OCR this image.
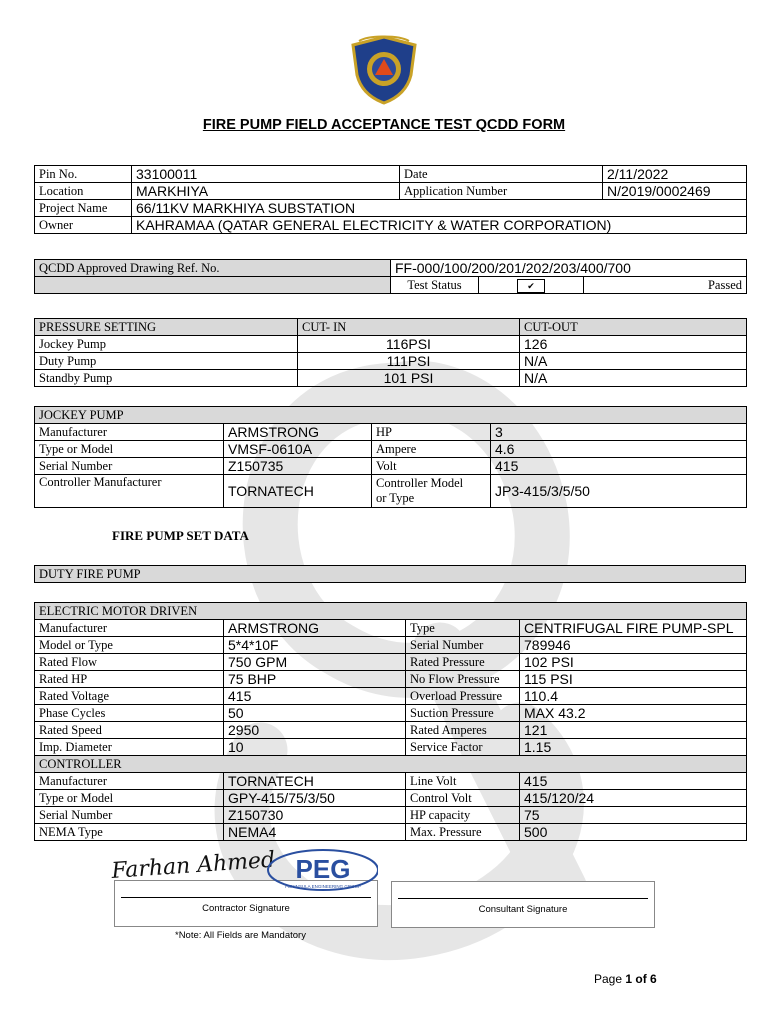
FIRE PUMP FIELD ACCEPTANCE TEST QCDD FORM
Pin No.	33100011	Date	2/11/2022
Location	MARKHIYA	Application Number	N/2019/0002469
Project Name	66/11KV MARKHIYA SUBSTATION		
Owner	KAHRAMAA (QATAR GENERAL ELECTRICITY & WATER CORPORATION)		
QCDD Approved Drawing Ref. No.	FF-000/100/200/201/202/203/400/700		
	Test Status	✔	Passed
PRESSURE SETTING	CUT- IN	CUT-OUT
Jockey Pump	116PSI	126
Duty Pump	111PSI	N/A
Standby Pump	101 PSI	N/A
JOCKEY PUMP			
Manufacturer	ARMSTRONG	HP	3
Type or Model	VMSF-0610A	Ampere	4.6
Serial Number	Z150735	Volt	415
Controller Manufacturer	TORNATECH	Controller Model
or Type	JP3-415/3/5/50
FIRE PUMP SET DATA
DUTY FIRE PUMP
ELECTRIC MOTOR DRIVEN			
Manufacturer	ARMSTRONG	Type	CENTRIFUGAL FIRE PUMP-SPL
Model or Type	5*4*10F	Serial Number	789946
Rated Flow	750 GPM	Rated Pressure	102 PSI
Rated HP	75 BHP	No Flow Pressure	115 PSI
Rated Voltage	415	Overload Pressure	110.4
Phase Cycles	50	Suction Pressure	MAX 43.2
Rated Speed	2950	Rated Amperes	121
Imp. Diameter	10	Service Factor	1.15
CONTROLLER			
Manufacturer	TORNATECH	Line Volt	415
Type or Model	GPY-415/75/3/50	Control Volt	415/120/24
Serial Number	Z150730	HP capacity	75
NEMA Type	NEMA4	Max. Pressure	500
Contractor Signature
Farhan Ahmed PEG
PENINSULA ENGINEERING GROUP
Consultant Signature
*Note: All Fields are Mandatory
Page 1 of 6
